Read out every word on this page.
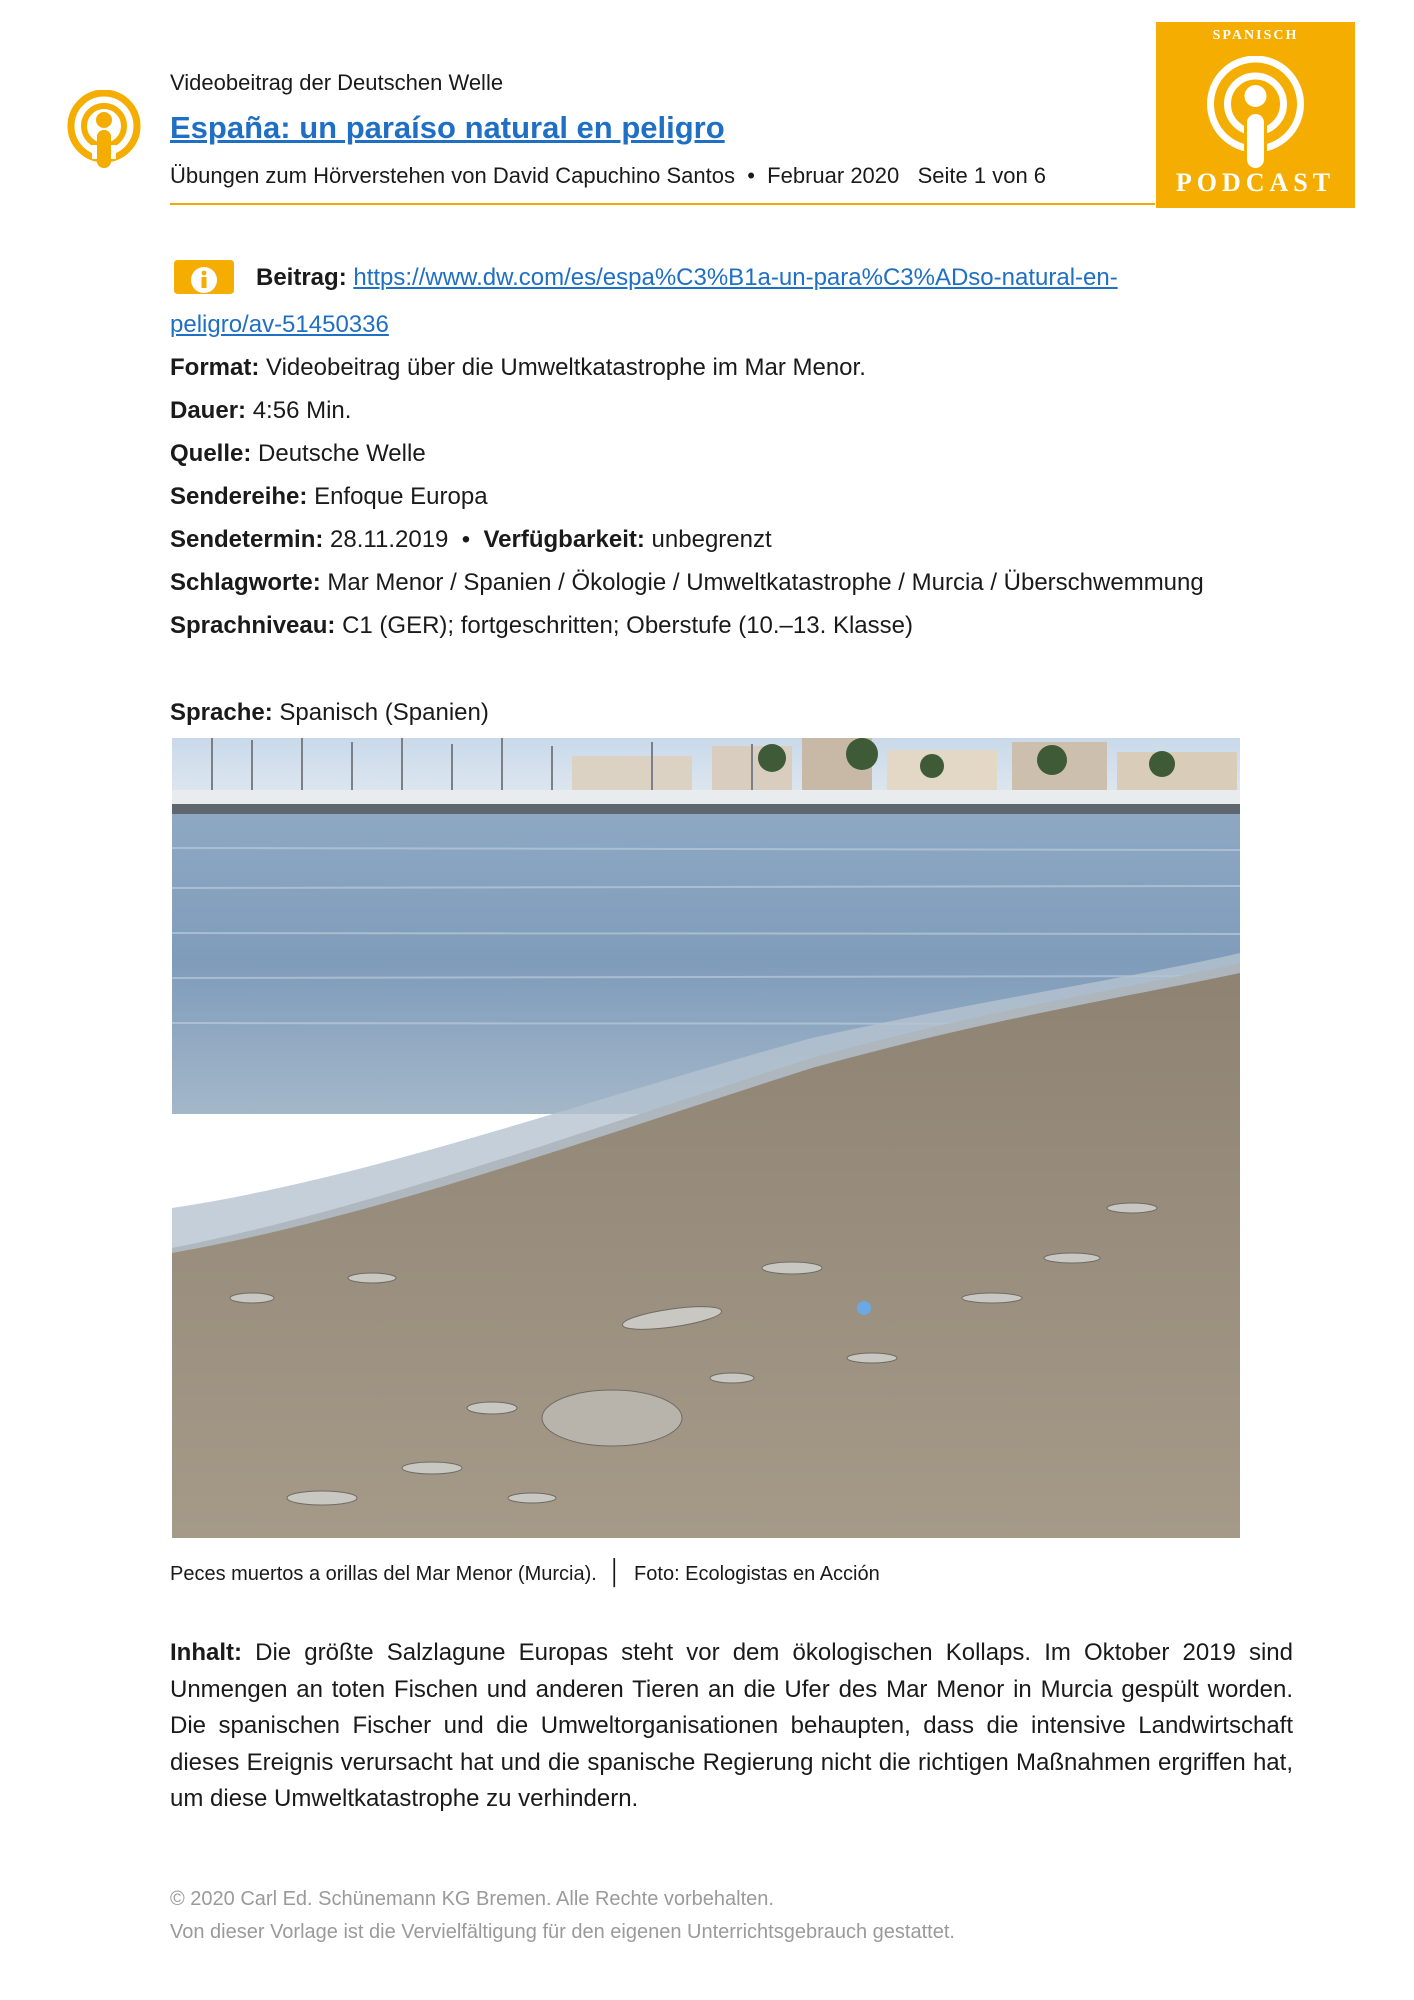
Videobeitrag der Deutschen Welle
España: un paraíso natural en peligro
Übungen zum Hörverstehen von David Capuchino Santos • Februar 2020 Seite 1 von 6
SPANISCH
PODCAST
Beitrag: https://www.dw.com/es/espa%C3%B1a-un-para%C3%ADso-natural-en-
peligro/av-51450336
Format: Videobeitrag über die Umweltkatastrophe im Mar Menor.
Dauer: 4:56 Min.
Quelle: Deutsche Welle
Sendereihe: Enfoque Europa
Sendetermin: 28.11.2019 • Verfügbarkeit: unbegrenzt
Schlagworte: Mar Menor / Spanien / Ökologie / Umweltkatastrophe / Murcia / Überschwemmung
Sprachniveau: C1 (GER); fortgeschritten; Oberstufe (10.–13. Klasse)
Sprache: Spanisch (Spanien)
Peces muertos a orillas del Mar Menor (Murcia). │ Foto: Ecologistas en Acción
Inhalt: Die größte Salzlagune Europas steht vor dem ökologischen Kollaps. Im Oktober 2019 sind Unmengen an toten Fischen und anderen Tieren an die Ufer des Mar Menor in Murcia gespült worden. Die spanischen Fischer und die Umweltorganisationen behaupten, dass die intensive Landwirtschaft dieses Ereignis verursacht hat und die spanische Regierung nicht die richtigen Maßnahmen ergriffen hat, um diese Umweltkatastrophe zu verhindern.
© 2020 Carl Ed. Schünemann KG Bremen. Alle Rechte vorbehalten.
Von dieser Vorlage ist die Vervielfältigung für den eigenen Unterrichtsgebrauch gestattet.
